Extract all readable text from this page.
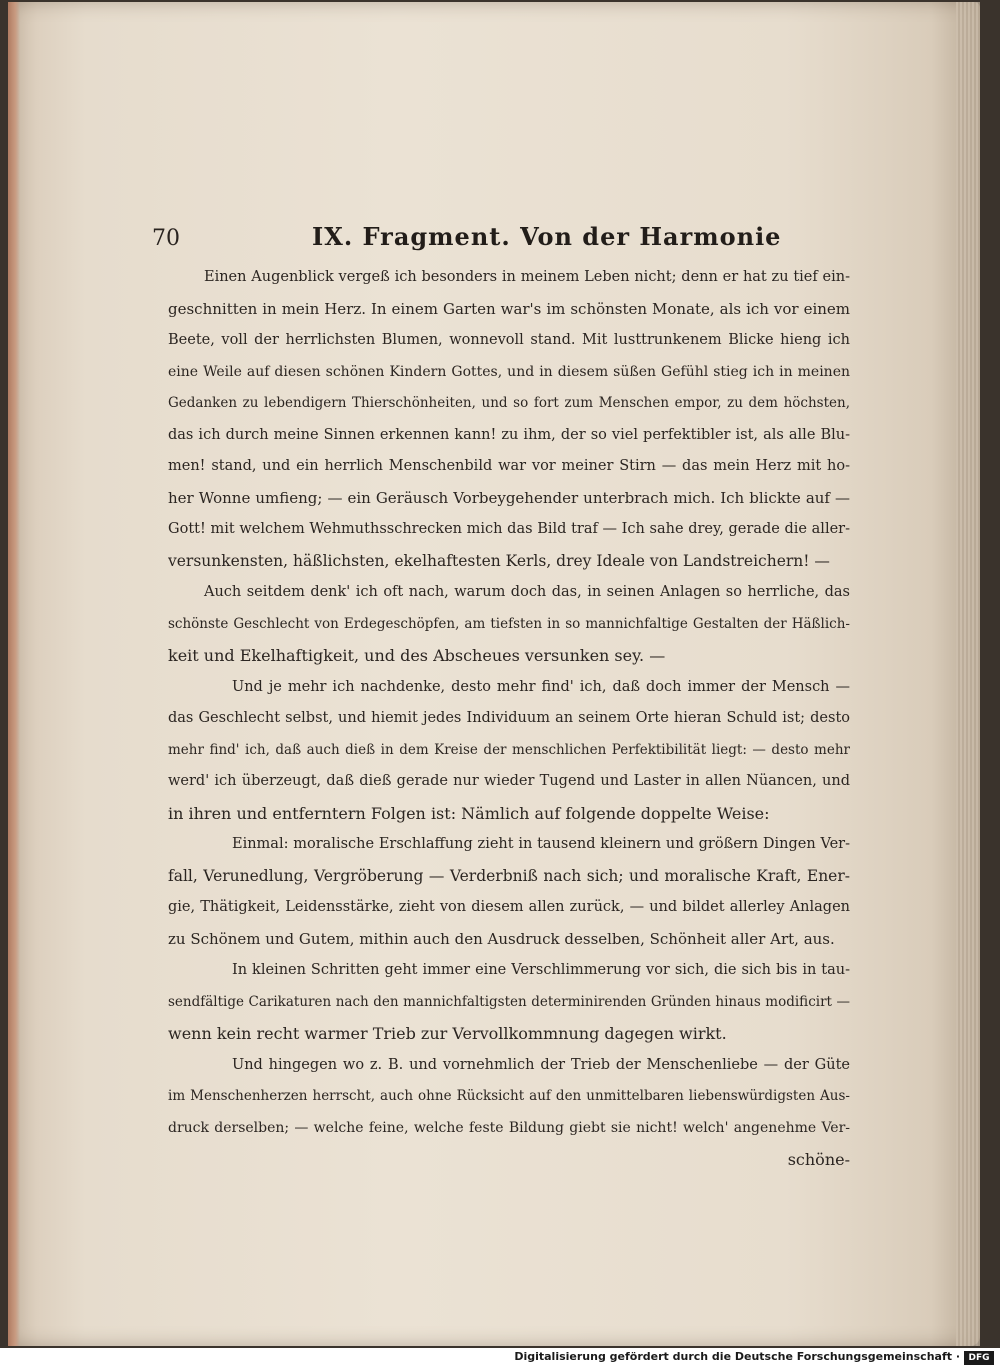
70	IX. Fragment. Von der Harmonie
Einen Augenblick vergeß ich besonders in meinem Leben nicht; denn er hat zu tief ein-
geschnitten in mein Herz. In einem Garten war's im schönsten Monate, als ich vor einem
Beete, voll der herrlichsten Blumen, wonnevoll stand. Mit lusttrunkenem Blicke hieng ich
eine Weile auf diesen schönen Kindern Gottes, und in diesem süßen Gefühl stieg ich in meinen
Gedanken zu lebendigern Thierschönheiten, und so fort zum Menschen empor, zu dem höchsten,
das ich durch meine Sinnen erkennen kann! zu ihm, der so viel perfektibler ist, als alle Blu-
men! stand, und ein herrlich Menschenbild war vor meiner Stirn — das mein Herz mit ho-
her Wonne umfieng; — ein Geräusch Vorbeygehender unterbrach mich. Ich blickte auf —
Gott! mit welchem Wehmuthsschrecken mich das Bild traf — Ich sahe drey, gerade die aller-
versunkensten, häßlichsten, ekelhaftesten Kerls, drey Ideale von Landstreichern! —
Auch seitdem denk' ich oft nach, warum doch das, in seinen Anlagen so herrliche, das
schönste Geschlecht von Erdegeschöpfen, am tiefsten in so mannichfaltige Gestalten der Häßlich-
keit und Ekelhaftigkeit, und des Abscheues versunken sey. —
Und je mehr ich nachdenke, desto mehr find' ich, daß doch immer der Mensch —
das Geschlecht selbst, und hiemit jedes Individuum an seinem Orte hieran Schuld ist; desto
mehr find' ich, daß auch dieß in dem Kreise der menschlichen Perfektibilität liegt: — desto mehr
werd' ich überzeugt, daß dieß gerade nur wieder Tugend und Laster in allen Nüancen, und
in ihren und entferntern Folgen ist: Nämlich auf folgende doppelte Weise:
Einmal: moralische Erschlaffung zieht in tausend kleinern und größern Dingen Ver-
fall, Verunedlung, Vergröberung — Verderbniß nach sich; und moralische Kraft, Ener-
gie, Thätigkeit, Leidensstärke, zieht von diesem allen zurück, — und bildet allerley Anlagen
zu Schönem und Gutem, mithin auch den Ausdruck desselben, Schönheit aller Art, aus.
In kleinen Schritten geht immer eine Verschlimmerung vor sich, die sich bis in tau-
sendfältige Carikaturen nach den mannichfaltigsten determinirenden Gründen hinaus modificirt —
wenn kein recht warmer Trieb zur Vervollkommnung dagegen wirkt.
Und hingegen wo z. B. und vornehmlich der Trieb der Menschenliebe — der Güte
im Menschenherzen herrscht, auch ohne Rücksicht auf den unmittelbaren liebenswürdigsten Aus-
druck derselben; — welche feine, welche feste Bildung giebt sie nicht! welch' angenehme Ver-
schöne-
Digitalisierung gefördert durch die Deutsche Forschungsgemeinschaft · DFG
